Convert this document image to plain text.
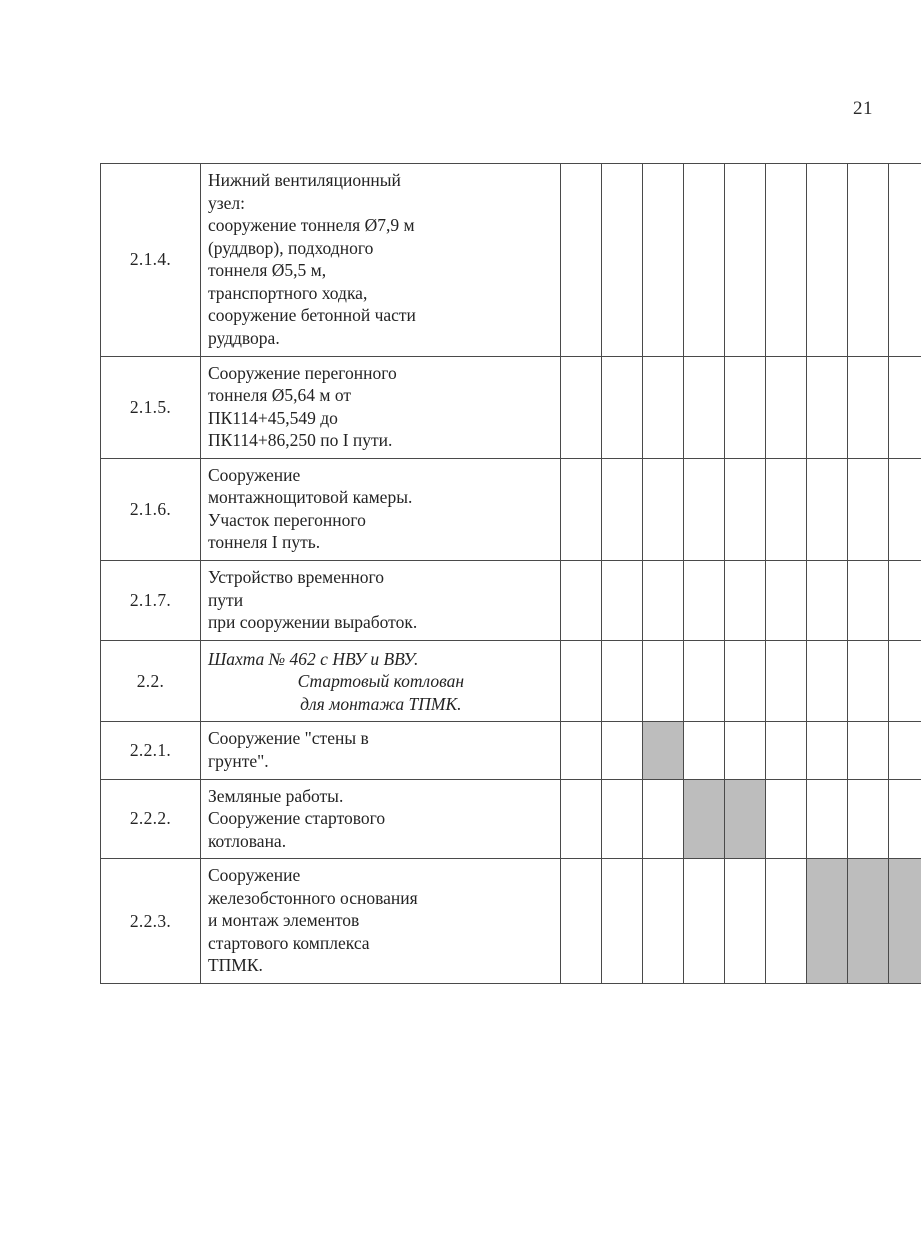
21
2.1.4.	
Нижний вентиляционный
узел:
сооружение тоннеля Ø7,9 м
(руддвор), подходного
тоннеля Ø5,5 м,
транспортного ходка,
сооружение бетонной части
руддвора.

2.1.5.	Сооружение перегонного
тоннеля Ø5,64 м от
ПК114+45,549 до
ПК114+86,250 по I пути.									

2.1.6.	Сооружение
монтажнощитовой камеры.
Участок перегонного
тоннеля I путь.									

2.1.7.	Устройство временного
пути
при сооружении выработок.									

2.2.	Шахта № 462 с НВУ и ВВУ.
Стартовый котлован
для монтажа ТПМК.									

2.2.1.	Сооружение "стены в
грунте".									

2.2.2.	Земляные работы.
Сооружение стартового
котлована.									

2.2.3.	Сооружение
железобстонного основания
и монтаж элементов
стартового комплекса
ТПМК.									
